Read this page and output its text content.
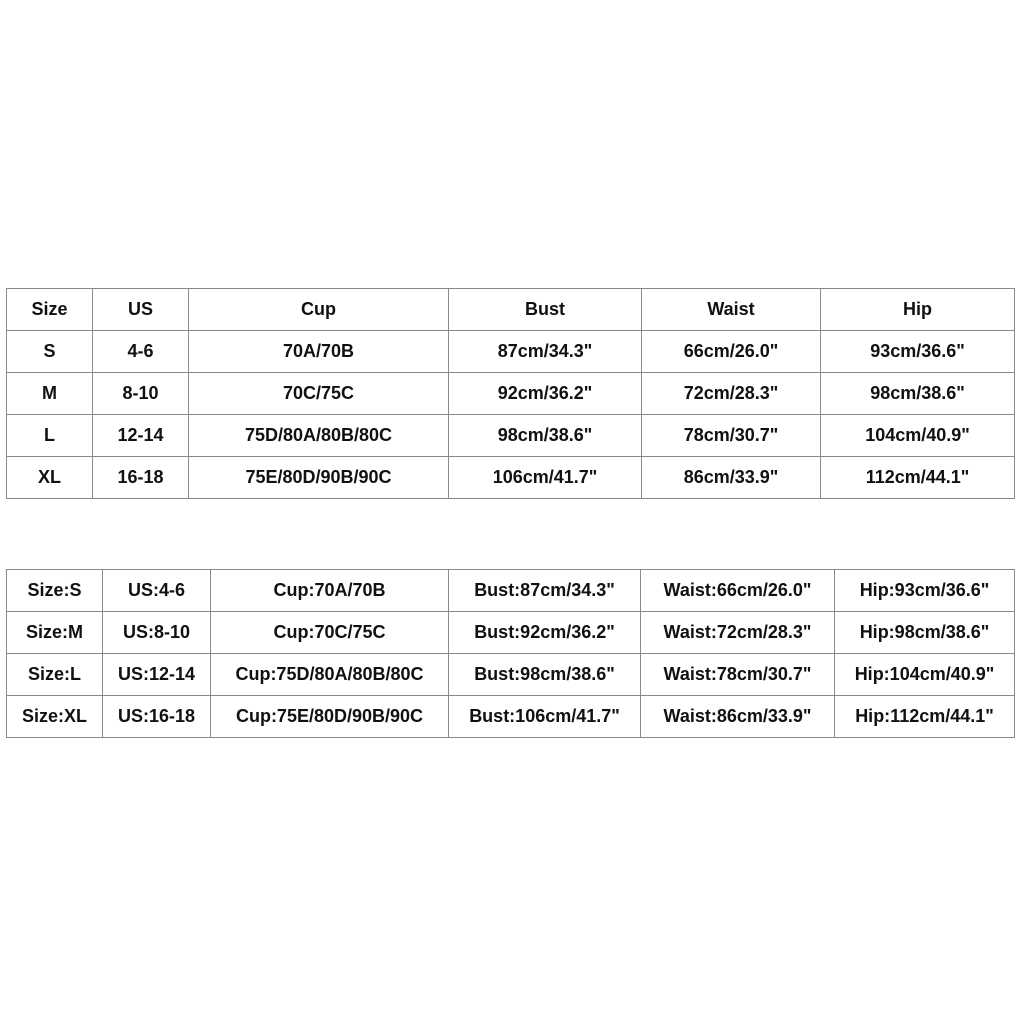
Size	US	Cup	Bust	Waist	Hip
S	4-6	70A/70B	87cm/34.3"	66cm/26.0"	93cm/36.6"
M	8-10	70C/75C	92cm/36.2"	72cm/28.3"	98cm/38.6"
L	12-14	75D/80A/80B/80C	98cm/38.6"	78cm/30.7"	104cm/40.9"
XL	16-18	75E/80D/90B/90C	106cm/41.7"	86cm/33.9"	112cm/44.1"
Size:S	US:4-6	Cup:70A/70B	Bust:87cm/34.3"	Waist:66cm/26.0"	Hip:93cm/36.6"
Size:M	US:8-10	Cup:70C/75C	Bust:92cm/36.2"	Waist:72cm/28.3"	Hip:98cm/38.6"
Size:L	US:12-14	Cup:75D/80A/80B/80C	Bust:98cm/38.6"	Waist:78cm/30.7"	Hip:104cm/40.9"
Size:XL	US:16-18	Cup:75E/80D/90B/90C	Bust:106cm/41.7"	Waist:86cm/33.9"	Hip:112cm/44.1"
